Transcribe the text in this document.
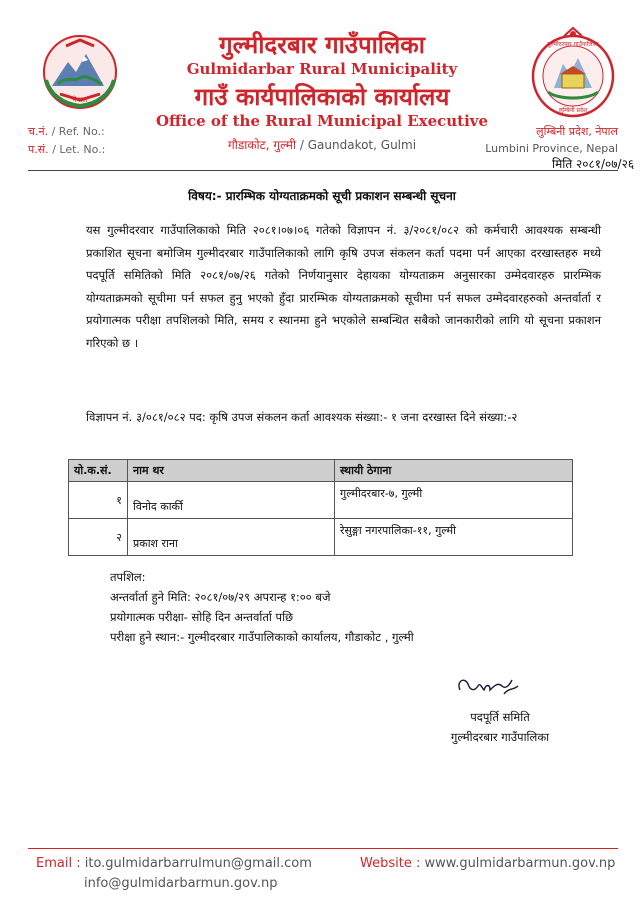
नेपाल
गुल्मीदरबार गाउँपालिका
लुम्बिनी प्रदेश
गुल्मीदरबार गाउँपालिका
Gulmidarbar Rural Municipality
गाउँ कार्यपालिकाको कार्यालय
Office of the Rural Municipal Executive
गौडाकोट, गुल्मी / Gaundakot, Gulmi
च.नं. / Ref. No.:
प.सं. / Let. No.:
लुम्बिनी प्रदेश, नेपाल
Lumbini Province, Nepal
मिति २०८१/०७/२६
विषय:- प्रारम्भिक योग्यताक्रमको सूची प्रकाशन सम्बन्धी सूचना
यस गुल्मीदरवार गाउँपालिकाको मिति २०८१।०७।०६ गतेको विज्ञापन नं. ३/२०८१/०८२ को कर्मचारी आवश्यक सम्बन्धी प्रकाशित सूचना बमोजिम गुल्मीदरबार गाउँपालिकाको लागि कृषि उपज संकलन कर्ता पदमा पर्न आएका दरखास्तहरु मध्ये पदपूर्ति समितिको मिति २०८१/०७/२६ गतेको निर्णयानुसार देहायका योग्यताक्रम अनुसारका उम्मेदवारहरु प्रारम्भिक योग्यताक्रमको सूचीमा पर्न सफल हुनु भएको हुँदा प्रारम्भिक योग्यताक्रमको सूचीमा पर्न सफल उम्मेदवारहरुको अन्तर्वार्ता र प्रयोगात्मक परीक्षा तपशिलको मिति, समय र स्थानमा हुने भएकोले सम्बन्धित सबैको जानकारीको लागि यो सूचना प्रकाशन गरिएको छ ।
विज्ञापन नं. ३/०८१/०८२ पद: कृषि उपज संकलन कर्ता आवश्यक संख्या:- १ जना दरखास्त दिने संख्या:-२
यो.क.सं.	नाम थर	स्थायी ठेगाना
१	विनोद कार्की	गुल्मीदरबार-७, गुल्मी
२	प्रकाश राना	रेसुङ्गा नगरपालिका-११, गुल्मी
तपशिल:
अन्तर्वार्ता हुने मिति: २०८१/०७/२९ अपरान्ह १:०० बजे
प्रयोगात्मक परीक्षा- सोहि दिन अन्तर्वार्ता पछि
परीक्षा हुने स्थान:- गुल्मीदरबार गाउँपालिकाको कार्यालय, गौडाकोट , गुल्मी
पदपूर्ति समिति
गुल्मीदरबार गाउँपालिका
Email : ito.gulmidarbarrulmun@gmail.com
info@gulmidarbarmun.gov.np
Website : www.gulmidarbarmun.gov.np
